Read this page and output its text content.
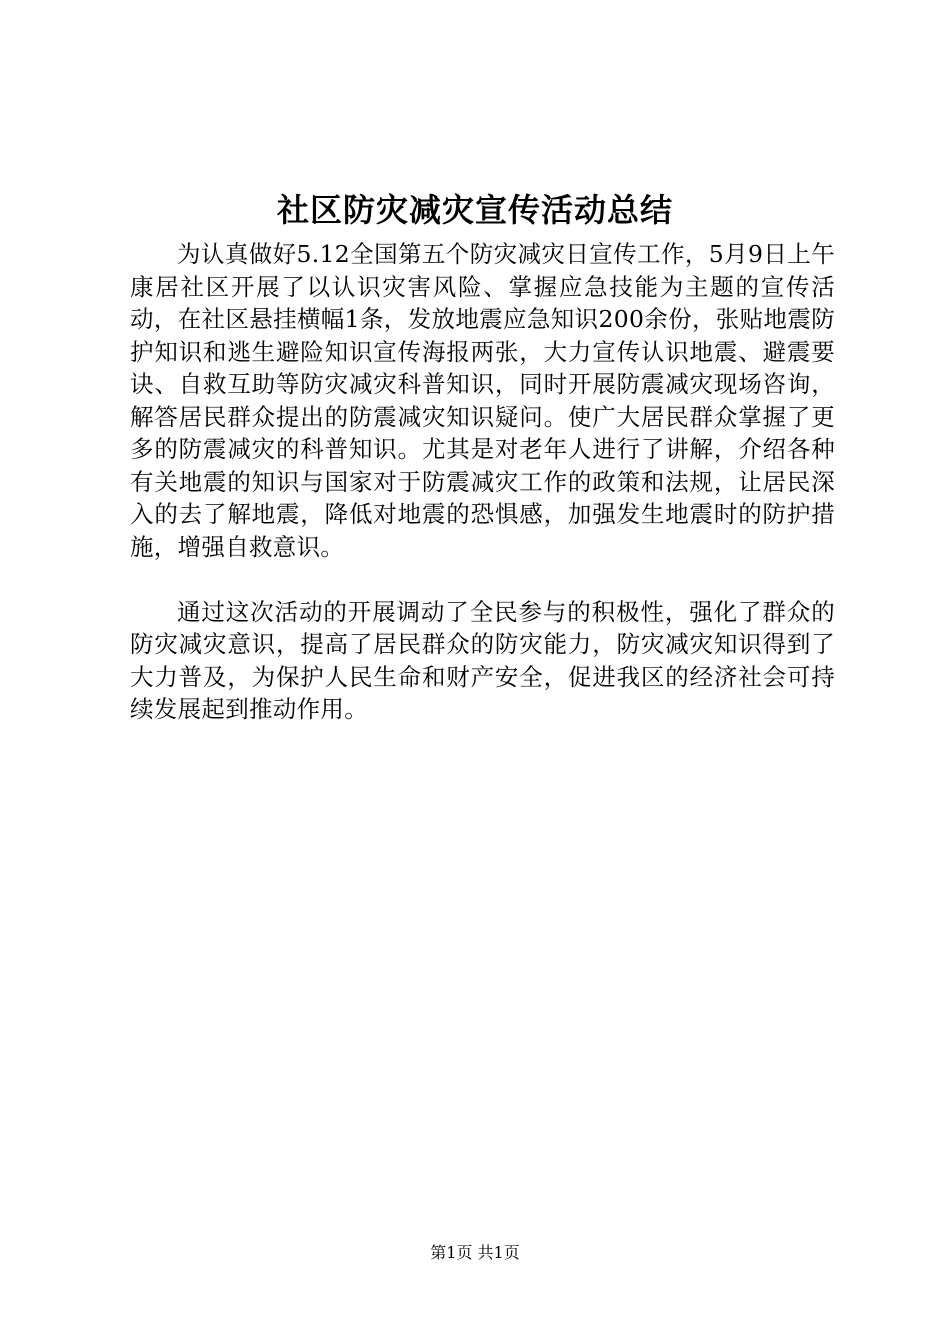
社区防灾减灾宣传活动总结

为认真做好5.12全国第五个防灾减灾日宣传工作，5月9日上午康居社区开展了以认识灾害风险、掌握应急技能为主题的宣传活动，在社区悬挂横幅1条，发放地震应急知识200余份，张贴地震防护知识和逃生避险知识宣传海报两张，大力宣传认识地震、避震要诀、自救互助等防灾减灾科普知识，同时开展防震减灾现场咨询，解答居民群众提出的防震减灾知识疑问。使广大居民群众掌握了更多的防震减灾的科普知识。尤其是对老年人进行了讲解，介绍各种有关地震的知识与国家对于防震减灾工作的政策和法规，让居民深入的去了解地震，降低对地震的恐惧感，加强发生地震时的防护措施，增强自救意识。

通过这次活动的开展调动了全民参与的积极性，强化了群众的防灾减灾意识，提高了居民群众的防灾能力，防灾减灾知识得到了大力普及，为保护人民生命和财产安全，促进我区的经济社会可持续发展起到推动作用。

第1页 共1页
